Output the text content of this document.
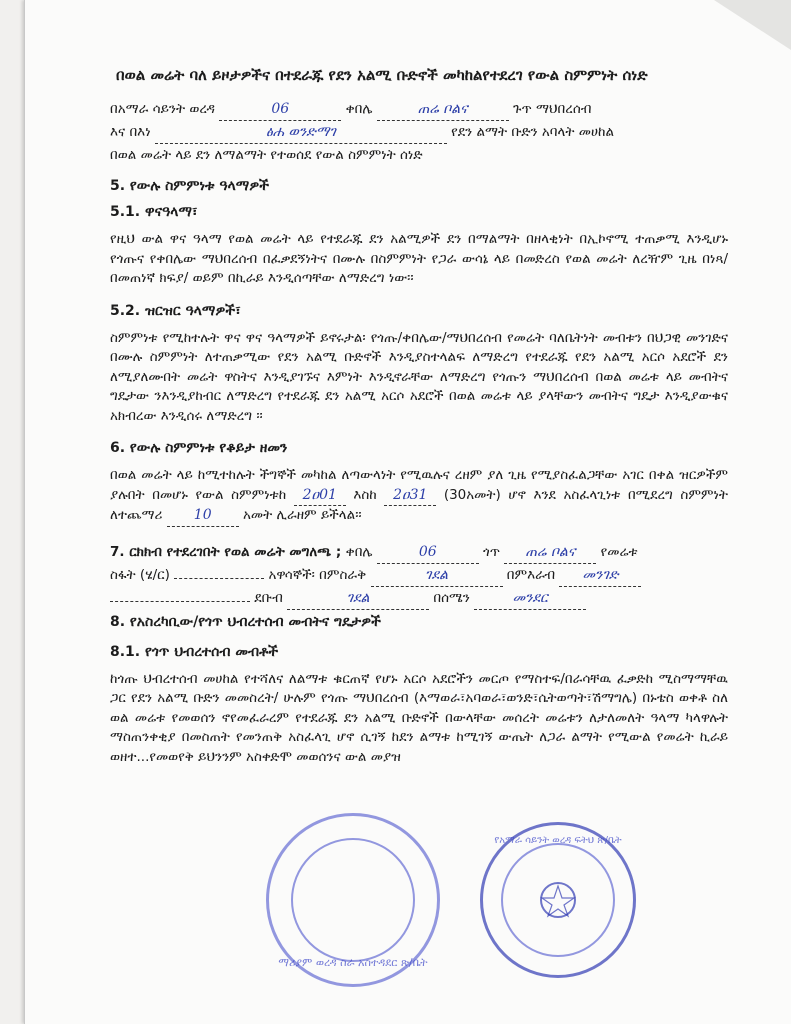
በወል መሬት ባለ ይዞታዎችና በተደራጁ የደን አልሚ ቡድኖች መካከልየተደረገ የውል ስምምነት ሰነድ
በአማራ ሳይንት ወረዳ	06	ቀበሌ	ጠሬ ቦልና	ጉጥ ማህበረሰብ
እና በእነ	ፅሐ ወንድማገ	የደን ልማት ቡድን አባላት መሀከል
በወል መሬት ላይ ደን ለማልማት የተወሰደ የውል ስምምነት ሰነድ
5. የውሉ ስምምነቱ ዓላማዎች
5.1. ዋናዓላማ፣
የዚህ ውል ዋና ዓላማ የወል መሬት ላይ የተደራጁ ደን አልሚዎች ደን በማልማት በዘላቂነት በኢኮኖሚ ተጠቃሚ እንዲሆኑ የጎጡና የቀበሌው ማህበረሰብ በፈቃደኝነትና በሙሉ በስምምነት የጋራ ውሳኔ ላይ በመድረስ የወል መሬት ለረዥም ጊዜ በነጻ/በመጠነኛ ክፍያ/ ወይም በኪራይ እንዲሰጣቸው ለማድረግ ነው፡፡
5.2. ዝርዝር ዓላማዎች፣
ስምምነቱ የሚከተሉት ዋና ዋና ዓላማዎች ይኖሩታል፡ የጎጡ/ቀበሌው/ማህበረሰብ የመሬት ባለቤትነት መብቱን በህጋዊ መንገድና በሙሉ ስምምነት ለተጠቃሚው የደን አልሚ ቡድኖች እንዲያስተላልፍ ለማድረግ የተደራጁ የደን አልሚ አርሶ አደሮች ደን ለሚያለሙበት መሬት ዋስትና እንዲያገኙና እምነት እንዲኖራቸው ለማድረግ የጎጡን ማህበረሰብ በወል መሬቱ ላይ መብትና ግዴታው ንእንዲያከብር ለማድረግ የተደራጁ ደን አልሚ አርሶ አደሮች በወል መሬቱ ላይ ያላቸውን መብትና ግዴታ እንዲያውቁና አክብረው እንዲሰሩ ለማድረግ ፡፡
6. የውሉ ስምምነቱ የቆይታ ዘመን
በወል መሬት ላይ ከሚተከሉት ችግኞች መካከል ለጣውላነት የሚዉሉና ረዘም ያለ ጊዜ የሚያስፈልጋቸው አገር በቀል ዝርዎችም ያሉበት በመሆኑ የውል ስምምነቱከ 2ዐ01 እስከ 2ዐ31 (30አመት) ሆኖ እንደ አስፈላጊነቱ በሚደረግ ስምምነት ለተጨማሪ 10 አመት ሊራዘም ይችላል፡፡
7. ርክክብ የተደረገበት የወል መሬት መግለጫ ; ቀበሌ	06	ጎጥ ጠሬ ቦልና የመሬቱ
ስፋት (ሄ/ር)	አዋሳኞች፡ በምስራቅ	ገደል	በምእራብ መንገድ
ደቡብ	ገደል	በሰሜን	መንደር
8. የአስረካቢው/የጎጥ ህብረተሰብ መብትና ግዴታዎች
8.1. የጎጥ ህብረተሰብ መብቶች
ከጎጡ ህብረተሰብ መሀከል የተሻለና ለልማቱ ቁርጠኛ የሆኑ አርሶ አደሮችን መርጦ የማስተፍ/በራሳቸዉ ፈቃድከ ሚስማማቸዉ ጋር የደን አልሚ ቡድን መመስረት/ ሁሉም የጎጡ ማህበረሰብ (እማወራ፣አባወራ፣ወንድ፣ሴትወጣት፣ሽማግሌ) በኑቴስ ወቀቶ ስለ ወል መሬቱ የመወሰን ኖየመፈራረም የተደራጁ ደን አልሚ ቡድኖች በውላቸው መሰረት መሬቱን ለታለመለት ዓላማ ካላዋሉት ማስጠንቀቂያ በመስጠት የመንጠቅ አስፈላጊ ሆኖ ሲገኝ ከደን ልማቱ ከሚገኝ ውጤት ለጋራ ልማት የሚውል የመሬት ኪራይ ወዘተ...የመወየቅ ይህንንም አስቀድሞ መወሰንና ውል መያዝ
ማሪያም ወረዳ ስራ አስተዳደር ጽ/ቤት
የአማራ ሳይንት ወረዳ ፍትህ ጽ/ቤት
